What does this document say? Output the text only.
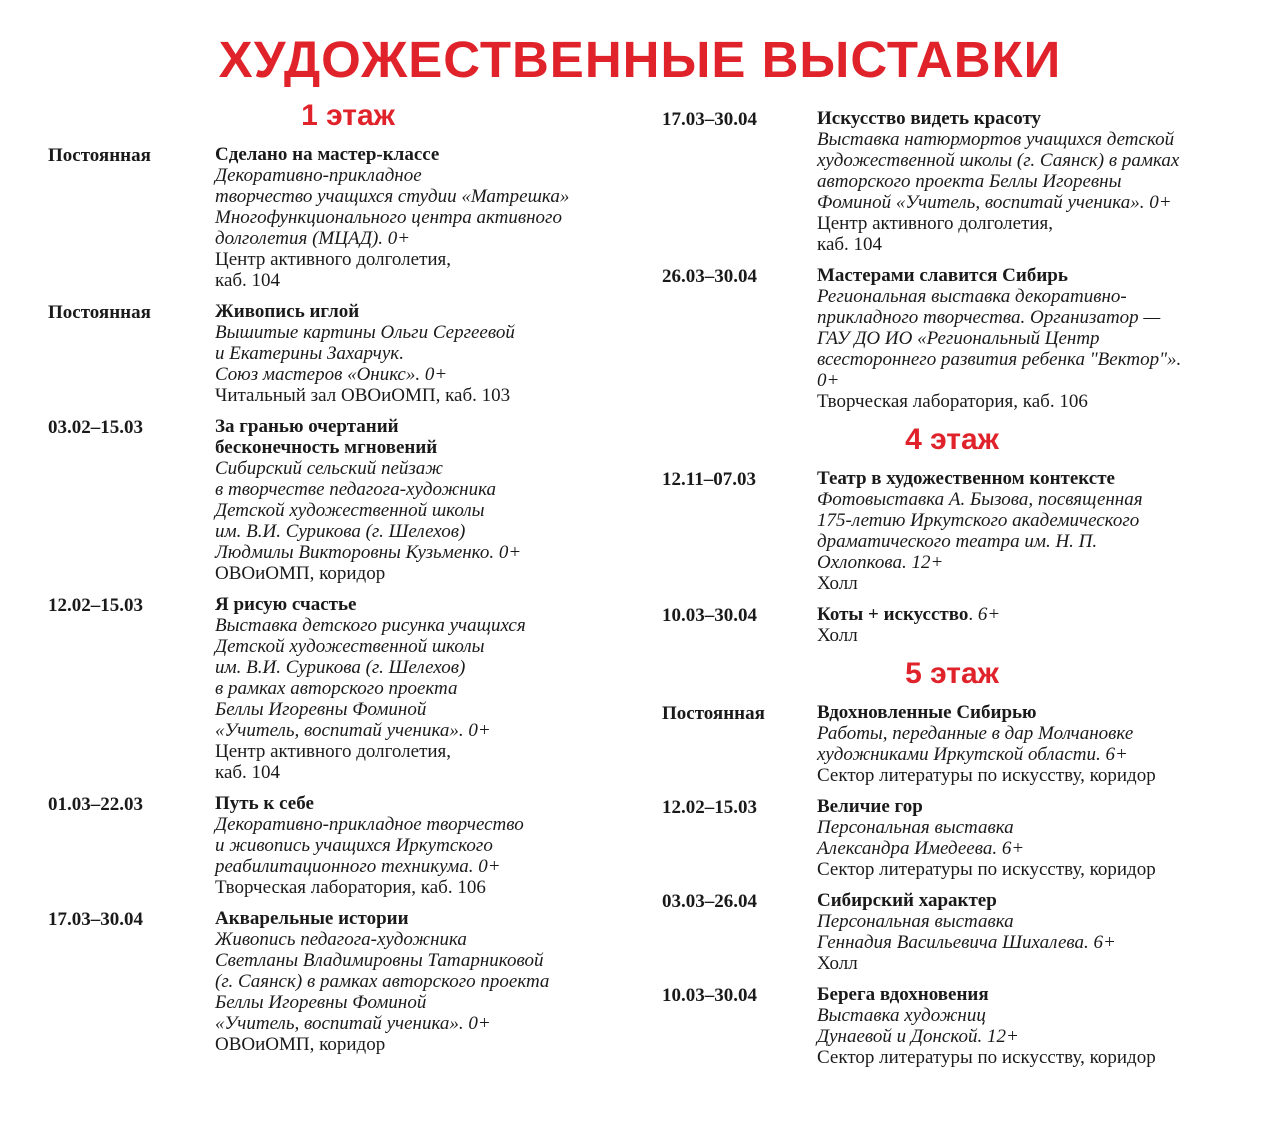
ХУДОЖЕСТВЕННЫЕ ВЫСТАВКИ
1 этаж
Постоянная	Сделано на мастер-классе
Декоративно-прикладное
творчество учащихся студии «Матрешка»
Многофункционального центра активного
долголетия (МЦАД). 0+
Центр активного долголетия,
каб. 104
Постоянная	Живопись иглой
Вышитые картины Ольги Сергеевой
и Екатерины Захарчук.
Союз мастеров «Оникс». 0+
Читальный зал ОВОиОМП, каб. 103
03.02–15.03	За гранью очертаний
бесконечность мгновений
Сибирский сельский пейзаж
в творчестве педагога-художника
Детской художественной школы
им. В.И. Сурикова (г. Шелехов)
Людмилы Викторовны Кузьменко. 0+
ОВОиОМП, коридор
12.02–15.03	Я рисую счастье
Выставка детского рисунка учащихся
Детской художественной школы
им. В.И. Сурикова (г. Шелехов)
в рамках авторского проекта
Беллы Игоревны Фоминой
«Учитель, воспитай ученика». 0+
Центр активного долголетия,
каб. 104
01.03–22.03	Путь к себе
Декоративно-прикладное творчество
и живопись учащихся Иркутского
реабилитационного техникума. 0+
Творческая лаборатория, каб. 106
17.03–30.04	Акварельные истории
Живопись педагога-художника
Светланы Владимировны Татарниковой
(г. Саянск) в рамках авторского проекта
Беллы Игоревны Фоминой
«Учитель, воспитай ученика». 0+
ОВОиОМП, коридор
17.03–30.04	Искусство видеть красоту
Выставка натюрмортов учащихся детской
художественной школы (г. Саянск) в рамках
авторского проекта Беллы Игоревны
Фоминой «Учитель, воспитай ученика». 0+
Центр активного долголетия,
каб. 104
26.03–30.04	Мастерами славится Сибирь
Региональная выставка декоративно-
прикладного творчества. Организатор —
ГАУ ДО ИО «Региональный Центр
всестороннего развития ребенка "Вектор"».
0+
Творческая лаборатория, каб. 106
4 этаж
12.11–07.03	Театр в художественном контексте
Фотовыставка А. Бызова, посвященная
175-летию Иркутского академического
драматического театра им. Н. П.
Охлопкова. 12+
Холл
10.03–30.04	Коты + искусство. 6+
Холл
5 этаж
Постоянная	Вдохновленные Сибирью
Работы, переданные в дар Молчановке
художниками Иркутской области. 6+
Сектор литературы по искусству, коридор
12.02–15.03	Величие гор
Персональная выставка
Александра Имедеева. 6+
Сектор литературы по искусству, коридор
03.03–26.04	Сибирский характер
Персональная выставка
Геннадия Васильевича Шихалева. 6+
Холл
10.03–30.04	Берега вдохновения
Выставка художниц
Дунаевой и Донской. 12+
Сектор литературы по искусству, коридор
